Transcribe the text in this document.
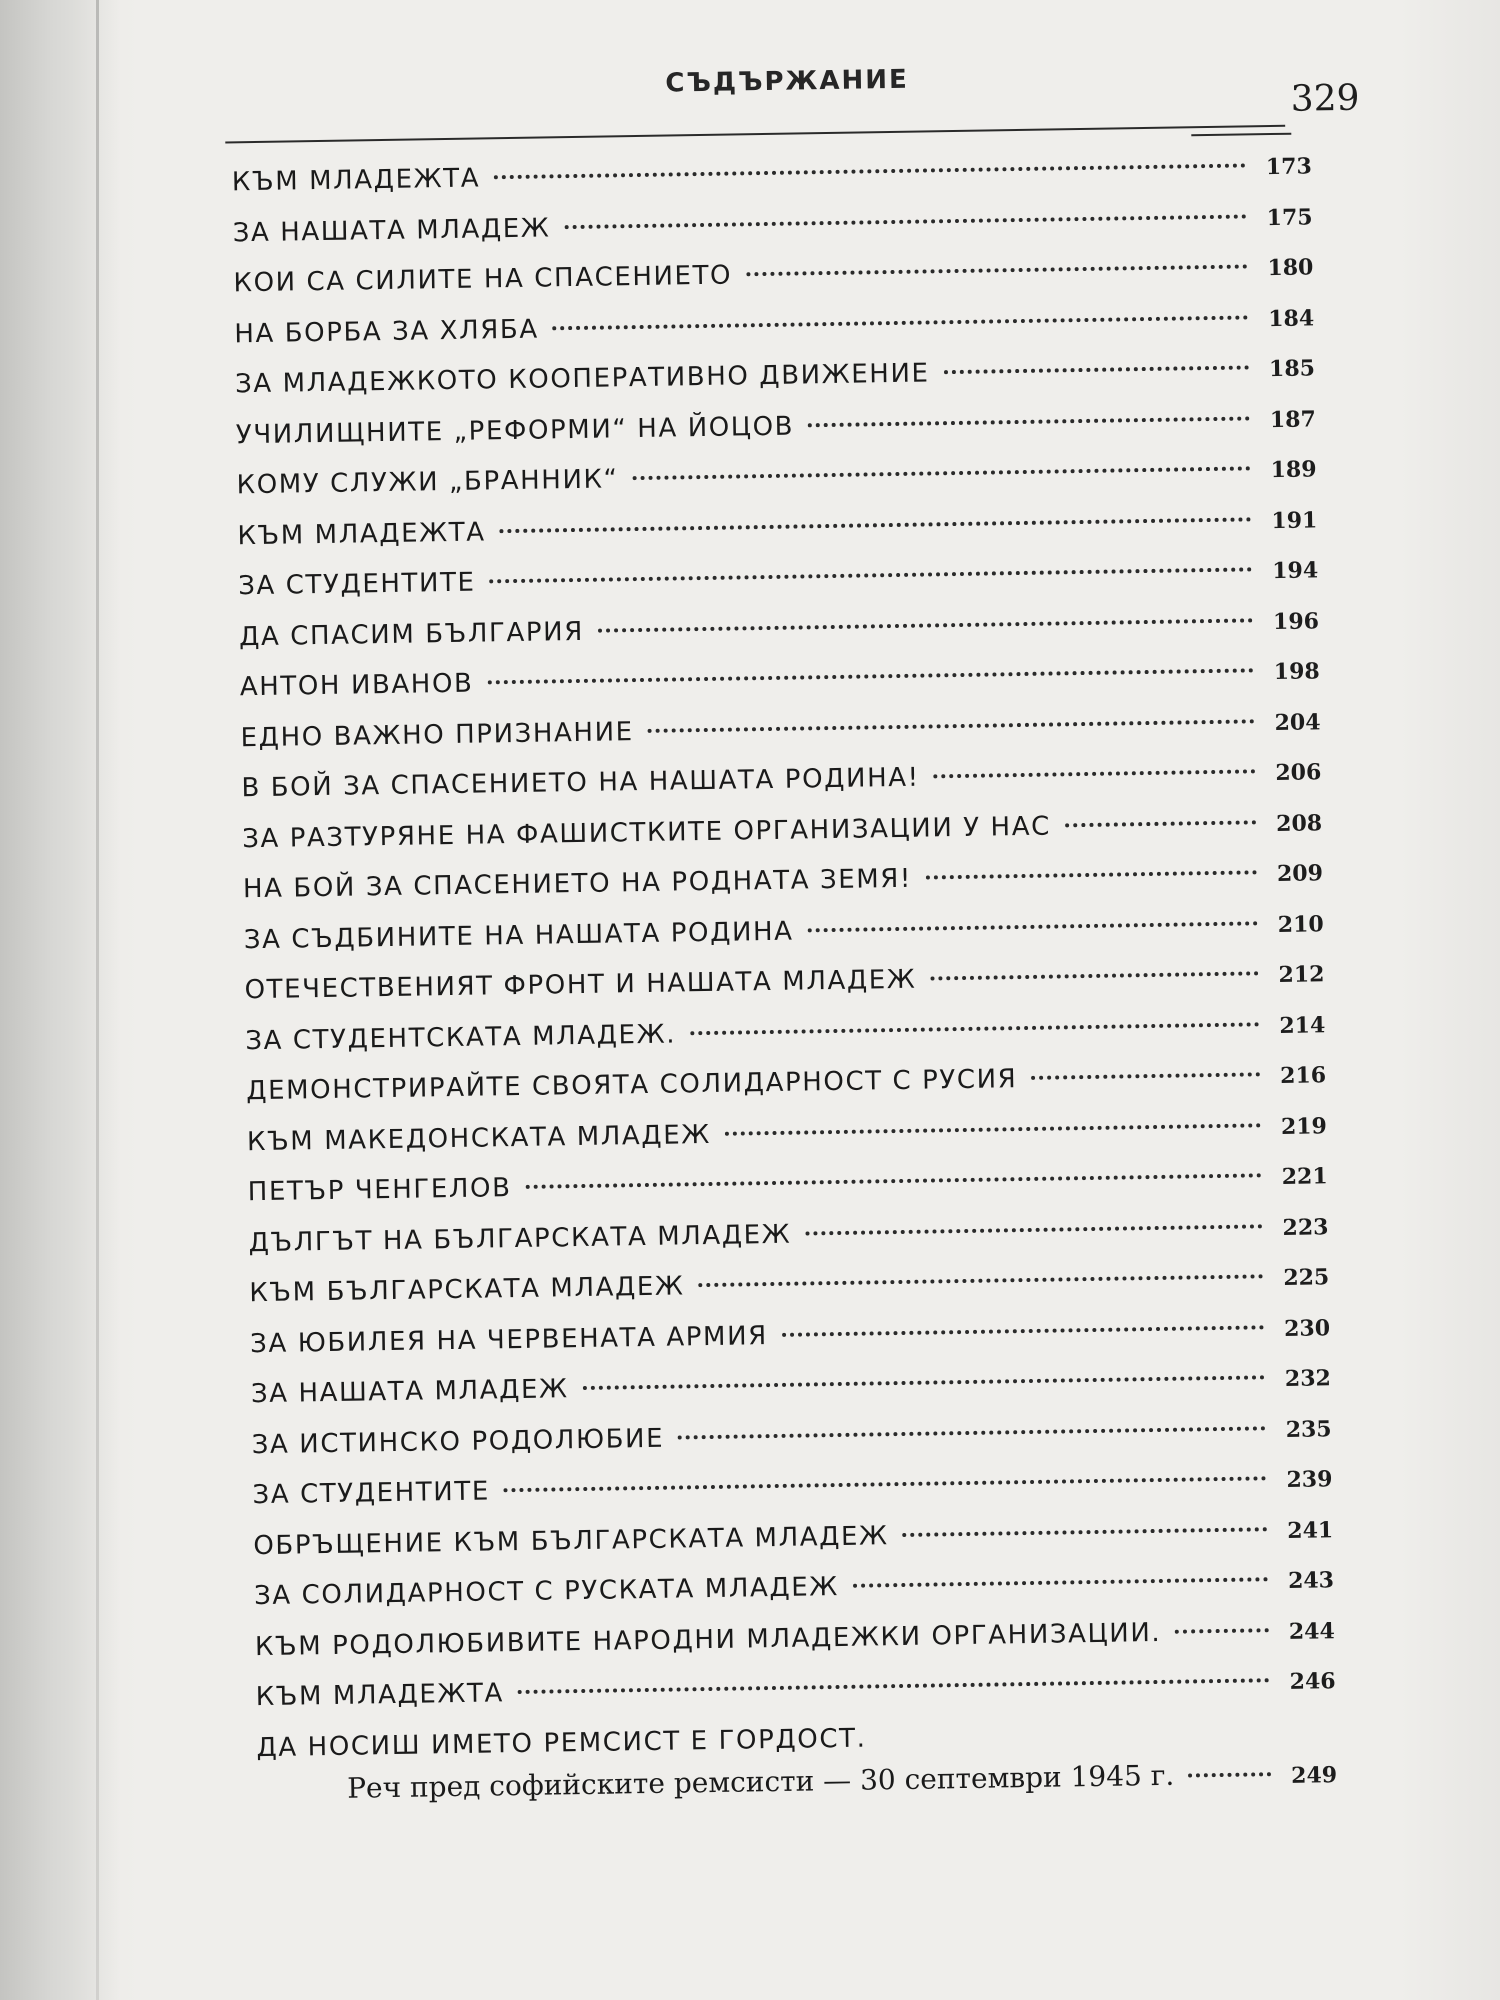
СЪДЪРЖАНИЕ	329
КЪМ МЛАДЕЖТА	173
ЗА НАШАТА МЛАДЕЖ	175
КОИ СА СИЛИТЕ НА СПАСЕНИЕТО	180
НА БОРБА ЗА ХЛЯБА	184
ЗА МЛАДЕЖКОТО КООПЕРАТИВНО ДВИЖЕНИЕ	185
УЧИЛИЩНИТЕ „РЕФОРМИ“ НА ЙОЦОВ	187
КОМУ СЛУЖИ „БРАННИК“	189
КЪМ МЛАДЕЖТА	191
ЗА СТУДЕНТИТЕ	194
ДА СПАСИМ БЪЛГАРИЯ	196
АНТОН ИВАНОВ	198
ЕДНО ВАЖНО ПРИЗНАНИЕ	204
В БОЙ ЗА СПАСЕНИЕТО НА НАШАТА РОДИНА!	206
ЗА РАЗТУРЯНЕ НА ФАШИСТКИТЕ ОРГАНИЗАЦИИ У НАС	208
НА БОЙ ЗА СПАСЕНИЕТО НА РОДНАТА ЗЕМЯ!	209
ЗА СЪДБИНИТЕ НА НАШАТА РОДИНА	210
ОТЕЧЕСТВЕНИЯТ ФРОНТ И НАШАТА МЛАДЕЖ	212
ЗА СТУДЕНТСКАТА МЛАДЕЖ.	214
ДЕМОНСТРИРАЙТЕ СВОЯТА СОЛИДАРНОСТ С РУСИЯ	216
КЪМ МАКЕДОНСКАТА МЛАДЕЖ	219
ПЕТЪР ЧЕНГЕЛОВ	221
ДЪЛГЪТ НА БЪЛГАРСКАТА МЛАДЕЖ	223
КЪМ БЪЛГАРСКАТА МЛАДЕЖ	225
ЗА ЮБИЛЕЯ НА ЧЕРВЕНАТА АРМИЯ	230
ЗА НАШАТА МЛАДЕЖ	232
ЗА ИСТИНСКО РОДОЛЮБИЕ	235
ЗА СТУДЕНТИТЕ	239
ОБРЪЩЕНИЕ КЪМ БЪЛГАРСКАТА МЛАДЕЖ	241
ЗА СОЛИДАРНОСТ С РУСКАТА МЛАДЕЖ	243
КЪМ РОДОЛЮБИВИТЕ НАРОДНИ МЛАДЕЖКИ ОРГАНИЗАЦИИ.	244
КЪМ МЛАДЕЖТА	246
ДА НОСИШ ИМЕТО РЕМСИСТ Е ГОРДОСТ.
Реч пред софийските ремсисти — 30 септември 1945 г.	249
